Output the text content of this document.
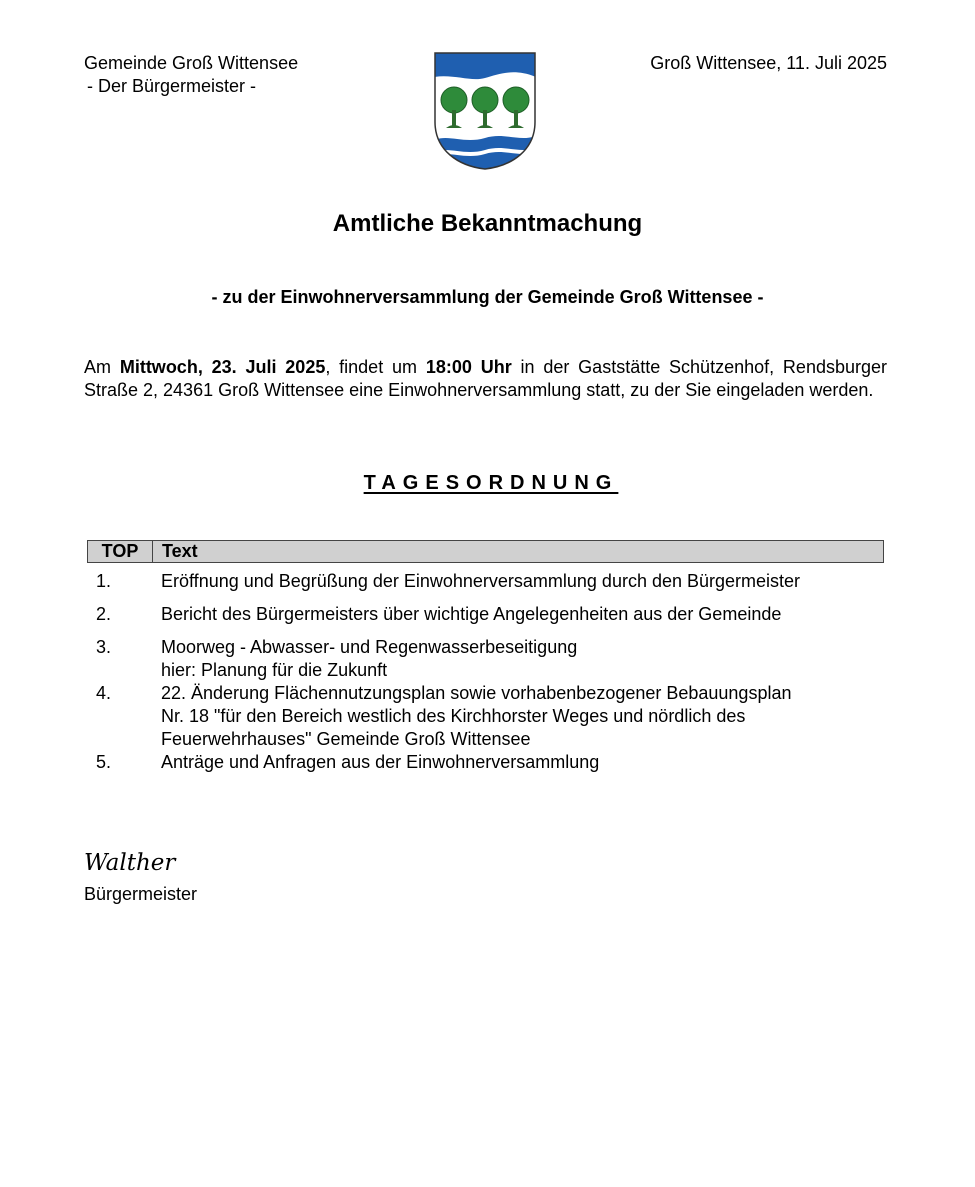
Gemeinde Groß Wittensee
- Der Bürgermeister -
Groß Wittensee, 11. Juli 2025
Amtliche Bekanntmachung
- zu der Einwohnerversammlung der Gemeinde Groß Wittensee -
Am Mittwoch, 23. Juli 2025, findet um 18:00 Uhr in der Gaststätte Schützenhof, Rendsburger Straße 2, 24361 Groß Wittensee eine Einwohnerversammlung statt, zu der Sie eingeladen werden.
TAGESORDNUNG
TOP	Text
1.	Eröffnung und Begrüßung der Einwohnerversammlung durch den Bürgermeister
2.	Bericht des Bürgermeisters über wichtige Angelegenheiten aus der Gemeinde
3.	Moorweg - Abwasser- und Regenwasserbeseitigung
hier: Planung für die Zukunft
4.	22. Änderung Flächennutzungsplan sowie vorhabenbezogener Bebauungsplan
Nr. 18 "für den Bereich westlich des Kirchhorster Weges und nördlich des
Feuerwehrhauses" Gemeinde Groß Wittensee
5.	Anträge und Anfragen aus der Einwohnerversammlung
Walther
Bürgermeister
